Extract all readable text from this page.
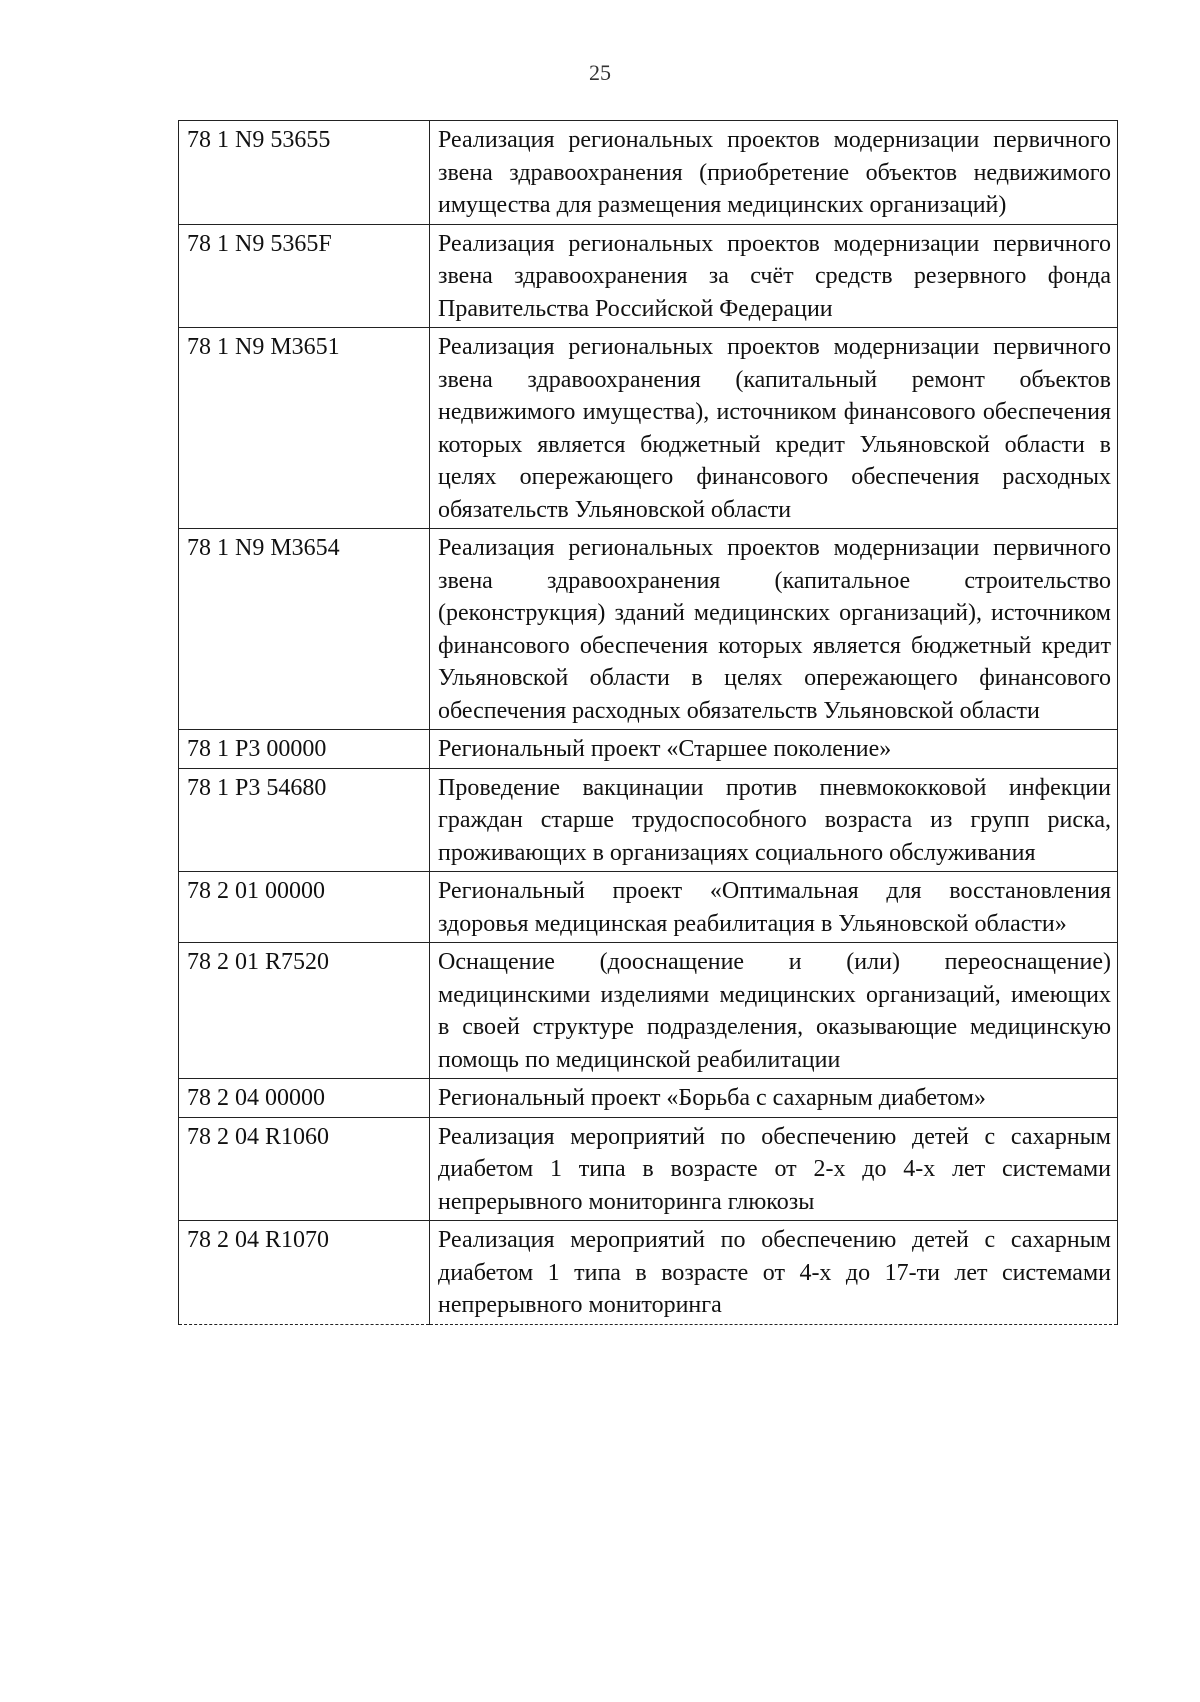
25
78 1 N9 53655	Реализация региональных проектов модернизации первичного звена здравоохранения (приобретение объектов недвижимого имущества для размещения медицинских организаций)
78 1 N9 5365F	Реализация региональных проектов модернизации первичного звена здравоохранения за счёт средств резервного фонда Правительства Российской Федерации
78 1 N9 M3651	Реализация региональных проектов модернизации первичного звена здравоохранения (капитальный ремонт объектов недвижимого имущества), источником финансового обеспечения которых является бюджетный кредит Ульяновской области в целях опережающего финансового обеспечения расходных обязательств Ульяновской области
78 1 N9 M3654	Реализация региональных проектов модернизации первичного звена здравоохранения (капитальное строительство (реконструкция) зданий медицинских организаций), источником финансового обеспечения которых является бюджетный кредит Ульяновской области в целях опережающего финансового обеспечения расходных обязательств Ульяновской области
78 1 P3 00000	Региональный проект «Старшее поколение»
78 1 P3 54680	Проведение вакцинации против пневмококковой инфекции граждан старше трудоспособного возраста из групп риска, проживающих в организациях социального обслуживания
78 2 01 00000	Региональный проект «Оптимальная для восстановления здоровья медицинская реабилитация в Ульяновской области»
78 2 01 R7520	Оснащение (дооснащение и (или) переоснащение) медицинскими изделиями медицинских организаций, имеющих в своей структуре подразделения, оказывающие медицинскую помощь по медицинской реабилитации
78 2 04 00000	Региональный проект «Борьба с сахарным диабетом»
78 2 04 R1060	Реализация мероприятий по обеспечению детей с сахарным диабетом 1 типа в возрасте от 2-х до 4-х лет системами непрерывного мониторинга глюкозы
78 2 04 R1070	Реализация мероприятий по обеспечению детей с сахарным диабетом 1 типа в возрасте от 4-х до 17-ти лет системами непрерывного мониторинга
